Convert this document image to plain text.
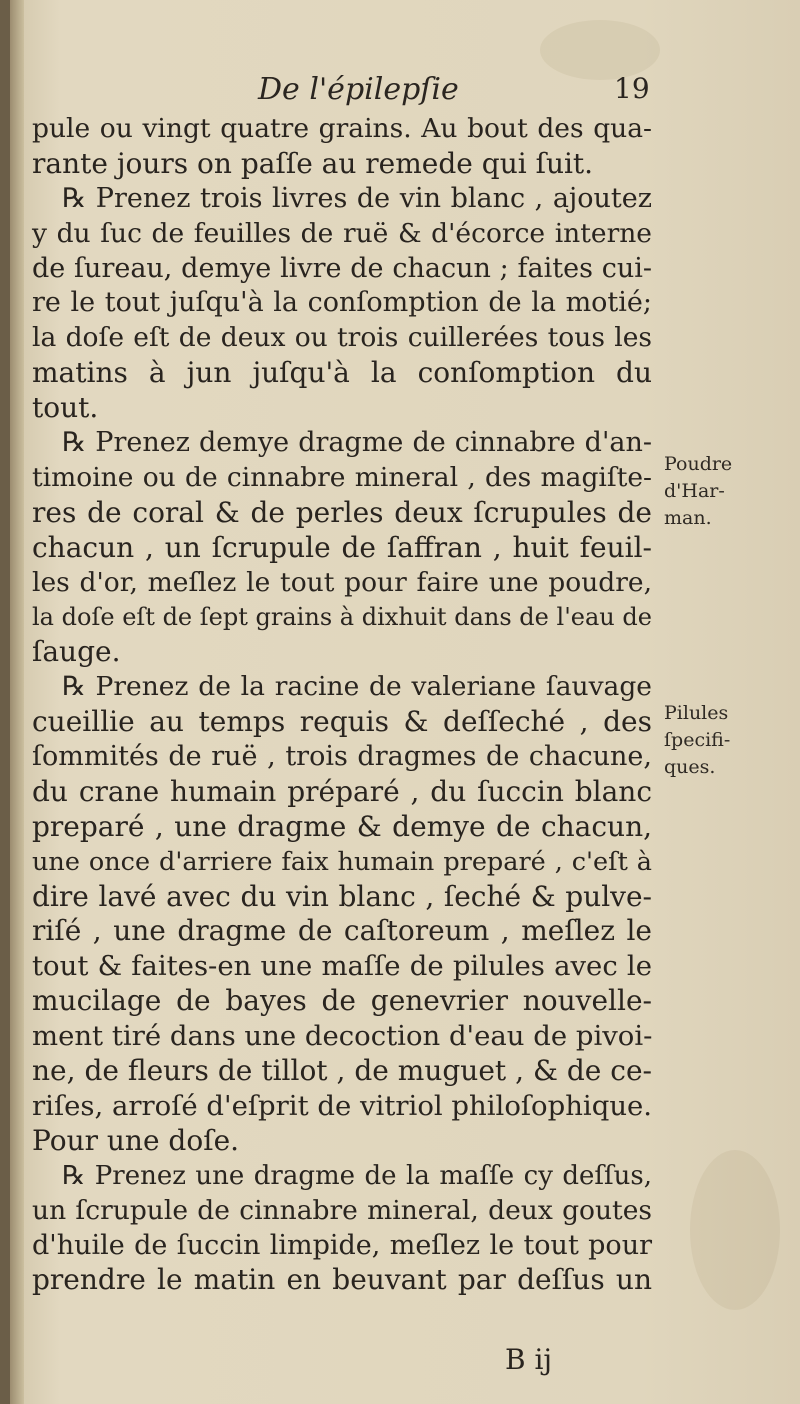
De l'épilepſie	19
pule ou vingt quatre grains. Au bout des qua-
rante jours on paſſe au remede qui ſuit.
℞ Prenez trois livres de vin blanc , ajoutez
y du ſuc de feuilles de ruë & d'écorce interne
de ſureau, demye livre de chacun ; faites cui-
re le tout juſqu'à la conſomption de la motié;
la doſe eſt de deux ou trois cuillerées tous les
matins à jun juſqu'à la conſomption du
tout.
℞ Prenez demye dragme de cinnabre d'an-
timoine ou de cinnabre mineral , des magiſte-
res de coral & de perles deux ſcrupules de
chacun , un ſcrupule de ſaffran , huit feuil-
les d'or, meſlez le tout pour faire une poudre,
la doſe eſt de ſept grains à dixhuit dans de l'eau de
ſauge.
℞ Prenez de la racine de valeriane ſauvage
cueillie au temps requis & deſſeché , des
ſommités de ruë , trois dragmes de chacune,
du crane humain préparé , du ſuccin blanc
preparé , une dragme & demye de chacun,
une once d'arriere faix humain preparé , c'eſt à
dire lavé avec du vin blanc , ſeché & pulve-
riſé , une dragme de caſtoreum , meſlez le
tout & faites-en une maſſe de pilules avec le
mucilage de bayes de genevrier nouvelle-
ment tiré dans une decoction d'eau de pivoi-
ne, de fleurs de tillot , de muguet , & de ce-
riſes, arroſé d'eſprit de vitriol philoſophique.
Pour une doſe.
℞ Prenez une dragme de la maſſe cy deſſus,
un ſcrupule de cinnabre mineral, deux goutes
d'huile de ſuccin limpide, meſlez le tout pour
prendre le matin en beuvant par deſſus un
B ij
Poudre
d'Har-
man.
Pilules
ſpecifi-
ques.
